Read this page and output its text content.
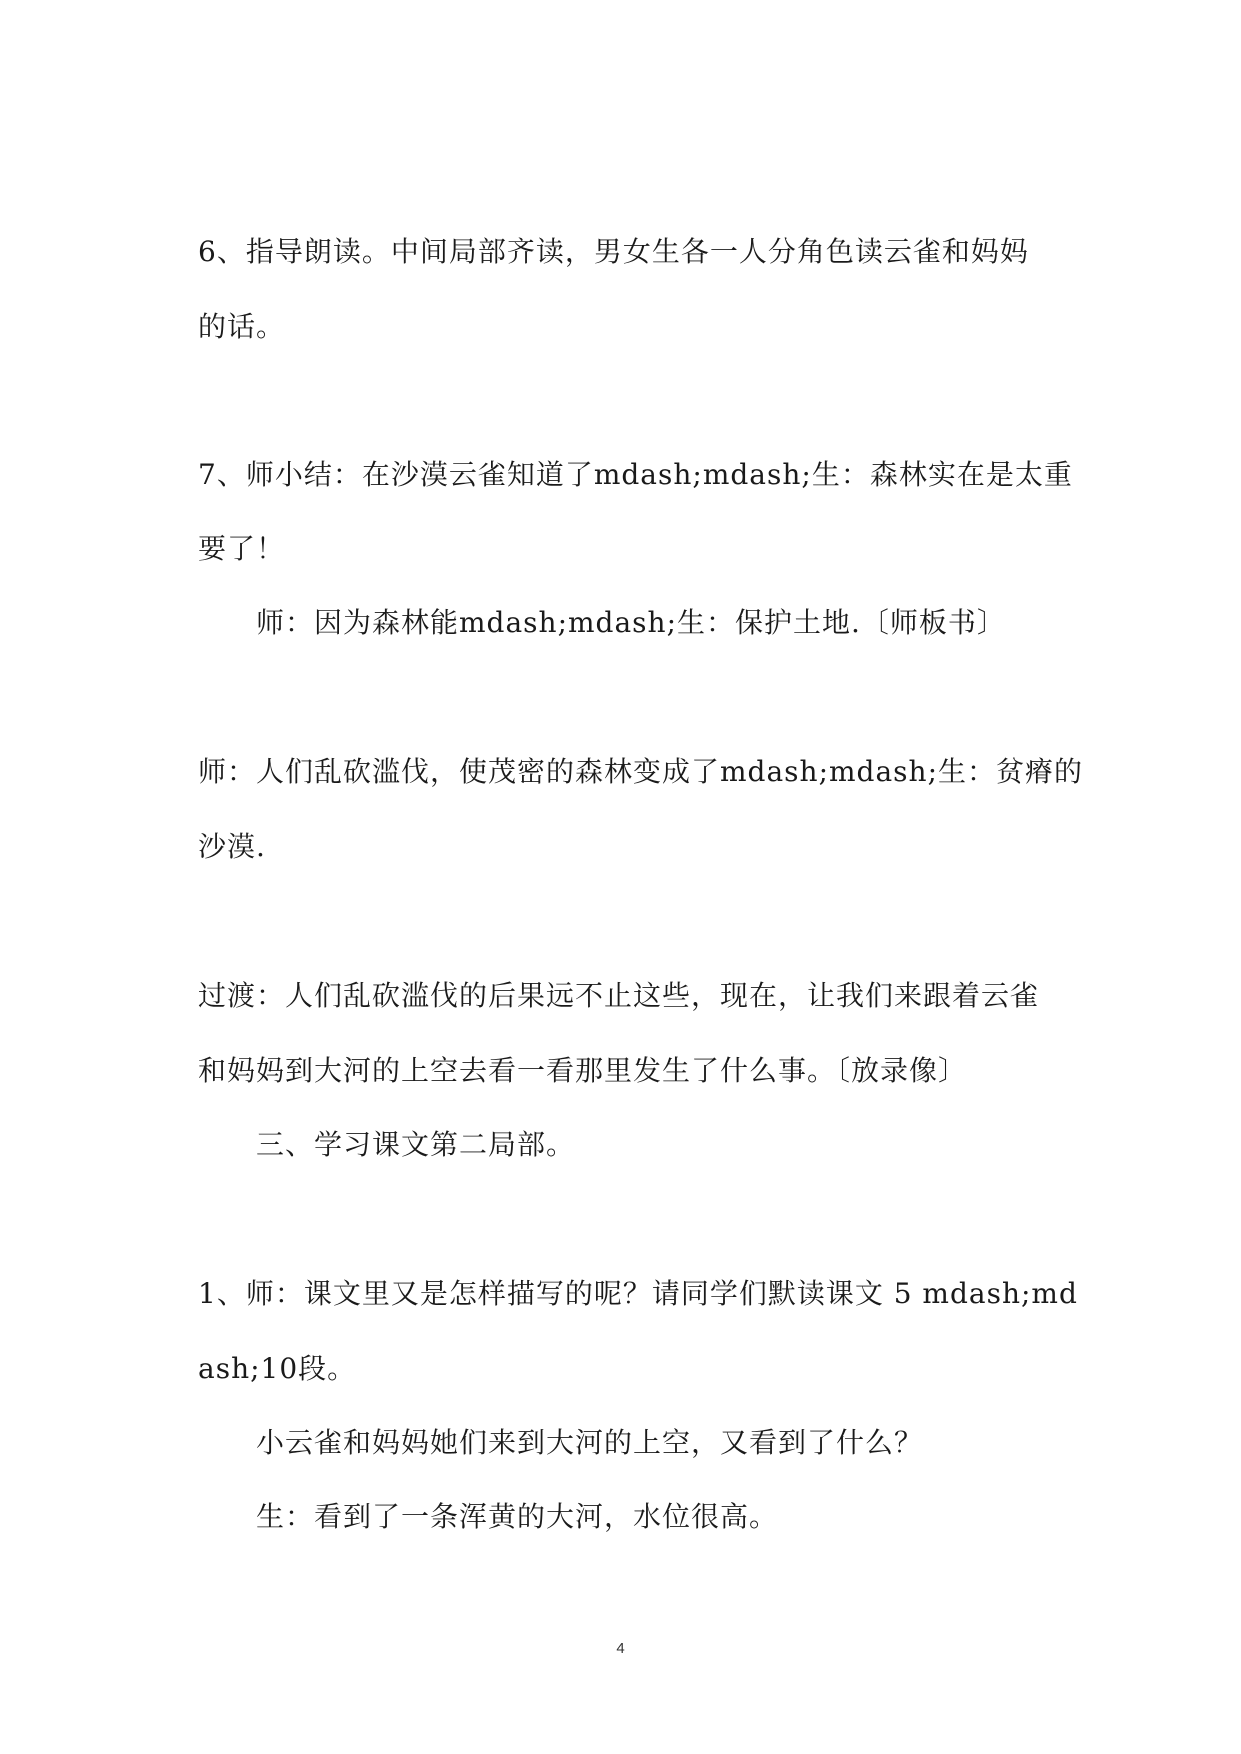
6、指导朗读。中间局部齐读，男女生各一人分角色读云雀和妈妈
的话。
7、师小结：在沙漠云雀知道了mdash;mdash;生：森林实在是太重
要了！
师：因为森林能mdash;mdash;生：保护土地.〔师板书〕
师：人们乱砍滥伐，使茂密的森林变成了mdash;mdash;生：贫瘠的
沙漠.
过渡：人们乱砍滥伐的后果远不止这些，现在，让我们来跟着云雀
和妈妈到大河的上空去看一看那里发生了什么事。〔放录像〕
三、学习课文第二局部。
1、师：课文里又是怎样描写的呢？请同学们默读课文 5 mdash;md
ash;10段。
小云雀和妈妈她们来到大河的上空，又看到了什么？
生：看到了一条浑黄的大河，水位很高。
4
